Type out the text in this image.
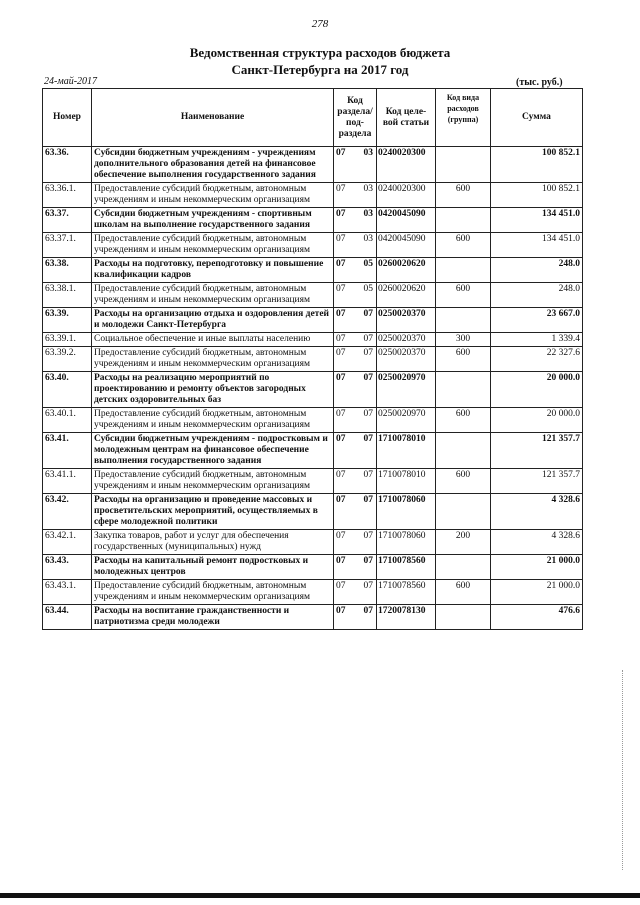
278
Ведомственная структура расходов бюджета
Санкт-Петербурга на 2017 год
24-май-2017	(тыс. руб.)
Номер	Наименование	Код раздела/ под- раздела	Код целе- вой статьи	Код вида расходов (группа)	Сумма
63.36.	Субсидии бюджетным учреждениям - учреждениям дополнительного образования детей на финансовое обеспечение выполнения государственного задания	07 03	0240020300		100 852.1
63.36.1.	Предоставление субсидий бюджетным, автономным учреждениям и иным некоммерческим организациям	07 03	0240020300	600	100 852.1
63.37.	Субсидии бюджетным учреждениям - спортивным школам на выполнение государственного задания	07 03	0420045090		134 451.0
63.37.1.	Предоставление субсидий бюджетным, автономным учреждениям и иным некоммерческим организациям	07 03	0420045090	600	134 451.0
63.38.	Расходы на подготовку, переподготовку и повышение квалификации кадров	07 05	0260020620		248.0
63.38.1.	Предоставление субсидий бюджетным, автономным учреждениям и иным некоммерческим организациям	07 05	0260020620	600	248.0
63.39.	Расходы на организацию отдыха и оздоровления детей и молодежи Санкт-Петербурга	07 07	0250020370		23 667.0
63.39.1.	Социальное обеспечение и иные выплаты населению	07 07	0250020370	300	1 339.4
63.39.2.	Предоставление субсидий бюджетным, автономным учреждениям и иным некоммерческим организациям	07 07	0250020370	600	22 327.6
63.40.	Расходы на реализацию мероприятий по проектированию и ремонту объектов загородных детских оздоровительных баз	07 07	0250020970		20 000.0
63.40.1.	Предоставление субсидий бюджетным, автономным учреждениям и иным некоммерческим организациям	07 07	0250020970	600	20 000.0
63.41.	Субсидии бюджетным учреждениям - подростковым и молодежным центрам на финансовое обеспечение выполнения государственного задания	07 07	1710078010		121 357.7
63.41.1.	Предоставление субсидий бюджетным, автономным учреждениям и иным некоммерческим организациям	07 07	1710078010	600	121 357.7
63.42.	Расходы на организацию и проведение массовых и просветительских мероприятий, осуществляемых в сфере молодежной политики	07 07	1710078060		4 328.6
63.42.1.	Закупка товаров, работ и услуг для обеспечения государственных (муниципальных) нужд	07 07	1710078060	200	4 328.6
63.43.	Расходы на капитальный ремонт подростковых и молодежных центров	07 07	1710078560		21 000.0
63.43.1.	Предоставление субсидий бюджетным, автономным учреждениям и иным некоммерческим организациям	07 07	1710078560	600	21 000.0
63.44.	Расходы на воспитание гражданственности и патриотизма среди молодежи	07 07	1720078130		476.6
